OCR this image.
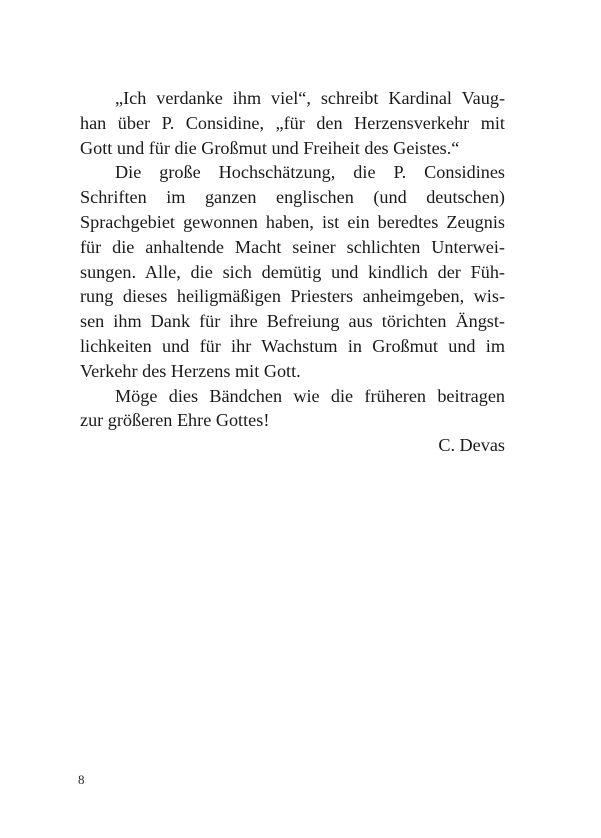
„Ich verdanke ihm viel“, schreibt Kardinal Vaug-
han über P. Considine, „für den Herzensverkehr mit
Gott und für die Großmut und Freiheit des Geistes.“
Die große Hochschätzung, die P. Considines
Schriften im ganzen englischen (und deutschen)
Sprachgebiet gewonnen haben, ist ein beredtes Zeugnis
für die anhaltende Macht seiner schlichten Unterwei-
sungen. Alle, die sich demütig und kindlich der Füh-
rung dieses heiligmäßigen Priesters anheimgeben, wis-
sen ihm Dank für ihre Befreiung aus törichten Ängst-
lichkeiten und für ihr Wachstum in Großmut und im
Verkehr des Herzens mit Gott.
Möge dies Bändchen wie die früheren beitragen
zur größeren Ehre Gottes!
C. Devas
8
